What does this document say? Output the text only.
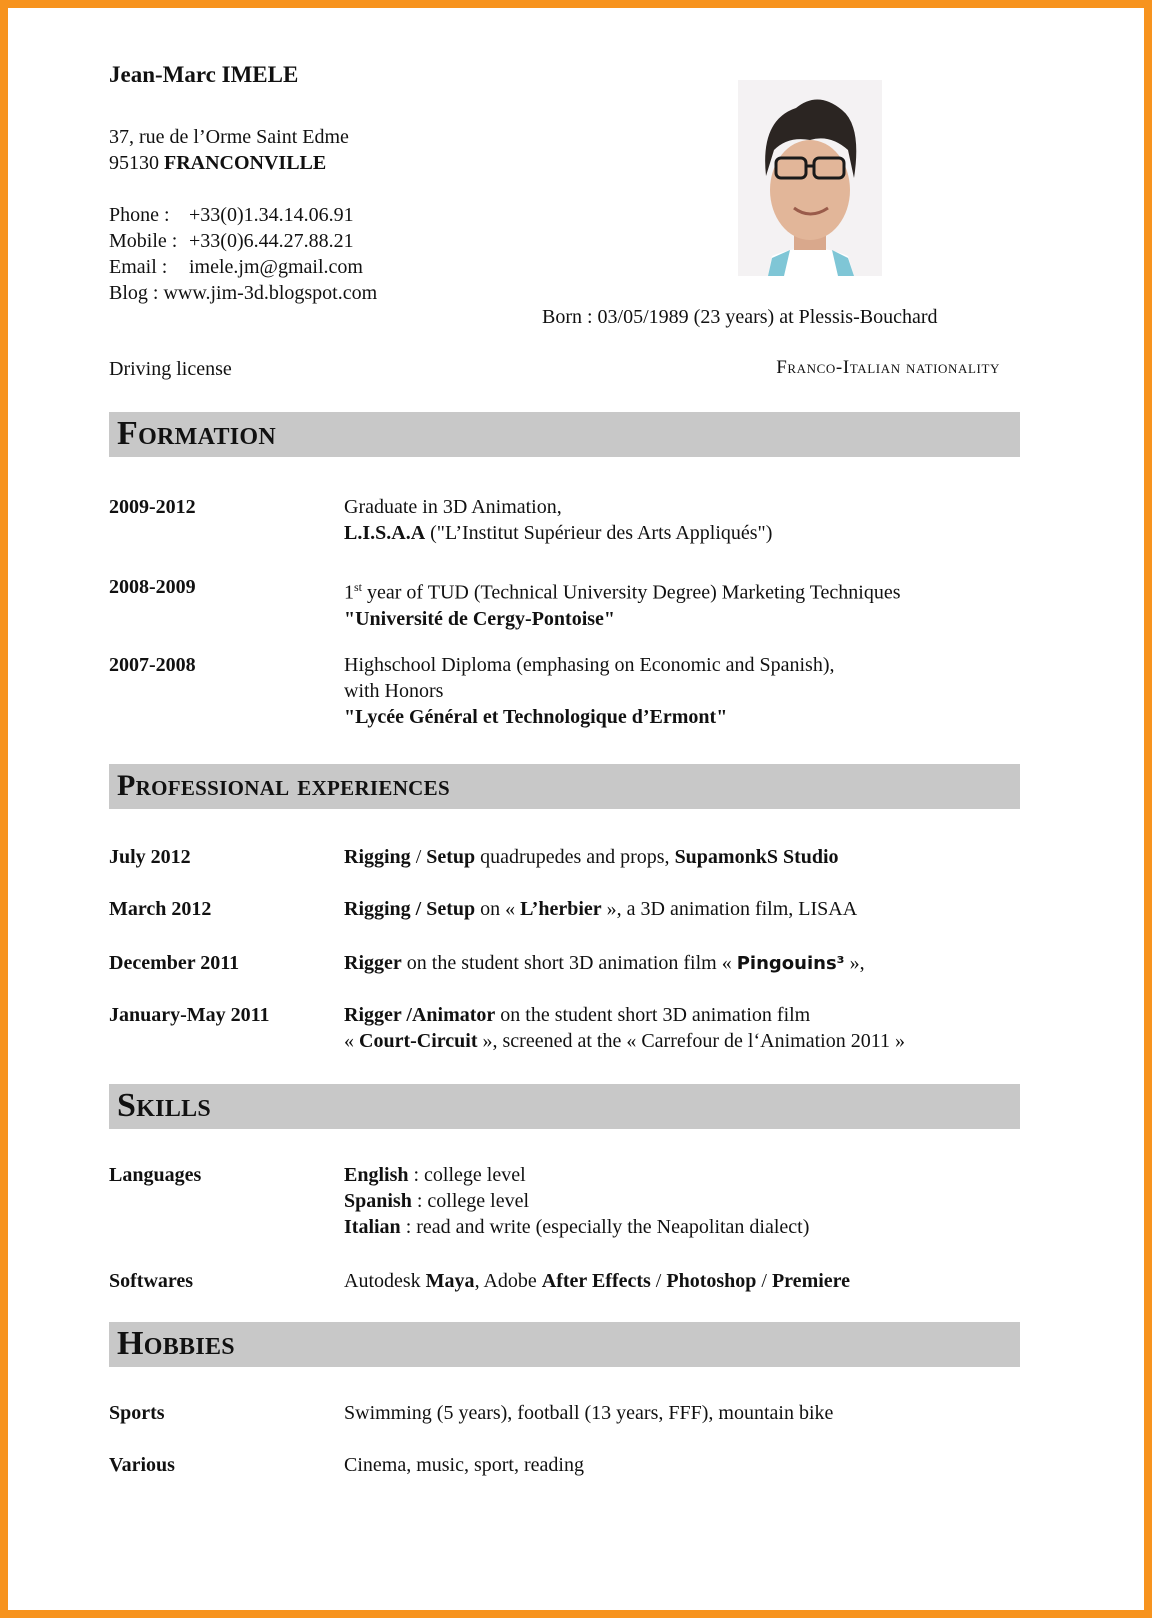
Jean-Marc IMELE
37, rue de l’Orme Saint Edme
95130 FRANCONVILLE
Phone : +33(0)1.34.14.06.91
Mobile : +33(0)6.44.27.88.21
Email : imele.jm@gmail.com
Blog : www.jim-3d.blogspot.com
Born : 03/05/1989 (23 years) at Plessis-Bouchard
Driving license	Franco-Italian nationality
Formation
2009-2012	Graduate in 3D Animation,
L.I.S.A.A ("L’Institut Supérieur des Arts Appliqués")
2008-2009	1st year of TUD (Technical University Degree) Marketing Techniques
"Université de Cergy-Pontoise"
2007-2008	Highschool Diploma (emphasing on Economic and Spanish),
with Honors
"Lycée Général et Technologique d’Ermont"
Professional experiences
July 2012	Rigging / Setup quadrupedes and props, SupamonkS Studio
March 2012	Rigging / Setup on « L’herbier », a 3D animation film, LISAA
December 2011	Rigger on the student short 3D animation film « Pingouins³ »,
January-May 2011	Rigger /Animator on the student short 3D animation film
« Court-Circuit », screened at the « Carrefour de l‘Animation 2011 »
Skills
Languages	English : college level
Spanish : college level
Italian : read and write (especially the Neapolitan dialect)
Softwares	Autodesk Maya, Adobe After Effects / Photoshop / Premiere
Hobbies
Sports	Swimming (5 years), football (13 years, FFF), mountain bike
Various	Cinema, music, sport, reading
